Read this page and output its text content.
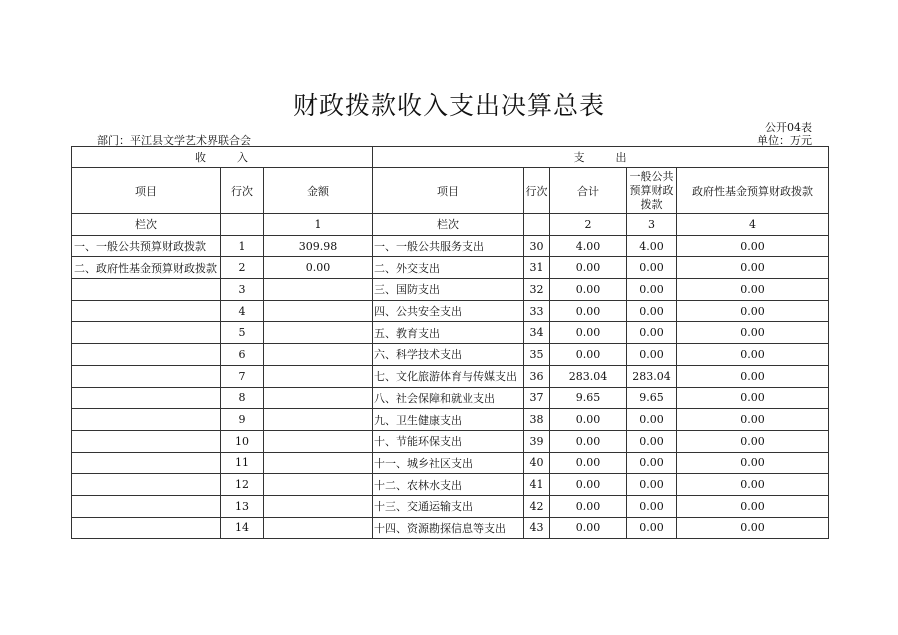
财政拨款收入支出决算总表
公开04表
部门：平江县文学艺术界联合会	单位：万元
收 入			支 出				
项目	行次	金额	项目	行次	合计	一般公共预算财政拨款	政府性基金预算财政拨款
栏次		1	栏次		2	3	4
一、一般公共预算财政拨款	1	309.98	一、一般公共服务支出	30	4.00	4.00	0.00
二、政府性基金预算财政拨款	2	0.00	二、外交支出	31	0.00	0.00	0.00
	3		三、国防支出	32	0.00	0.00	0.00
	4		四、公共安全支出	33	0.00	0.00	0.00
	5		五、教育支出	34	0.00	0.00	0.00
	6		六、科学技术支出	35	0.00	0.00	0.00
	7		七、文化旅游体育与传媒支出	36	283.04	283.04	0.00
	8		八、社会保障和就业支出	37	9.65	9.65	0.00
	9		九、卫生健康支出	38	0.00	0.00	0.00
	10		十、节能环保支出	39	0.00	0.00	0.00
	11		十一、城乡社区支出	40	0.00	0.00	0.00
	12		十二、农林水支出	41	0.00	0.00	0.00
	13		十三、交通运输支出	42	0.00	0.00	0.00
	14		十四、资源勘探信息等支出	43	0.00	0.00	0.00
